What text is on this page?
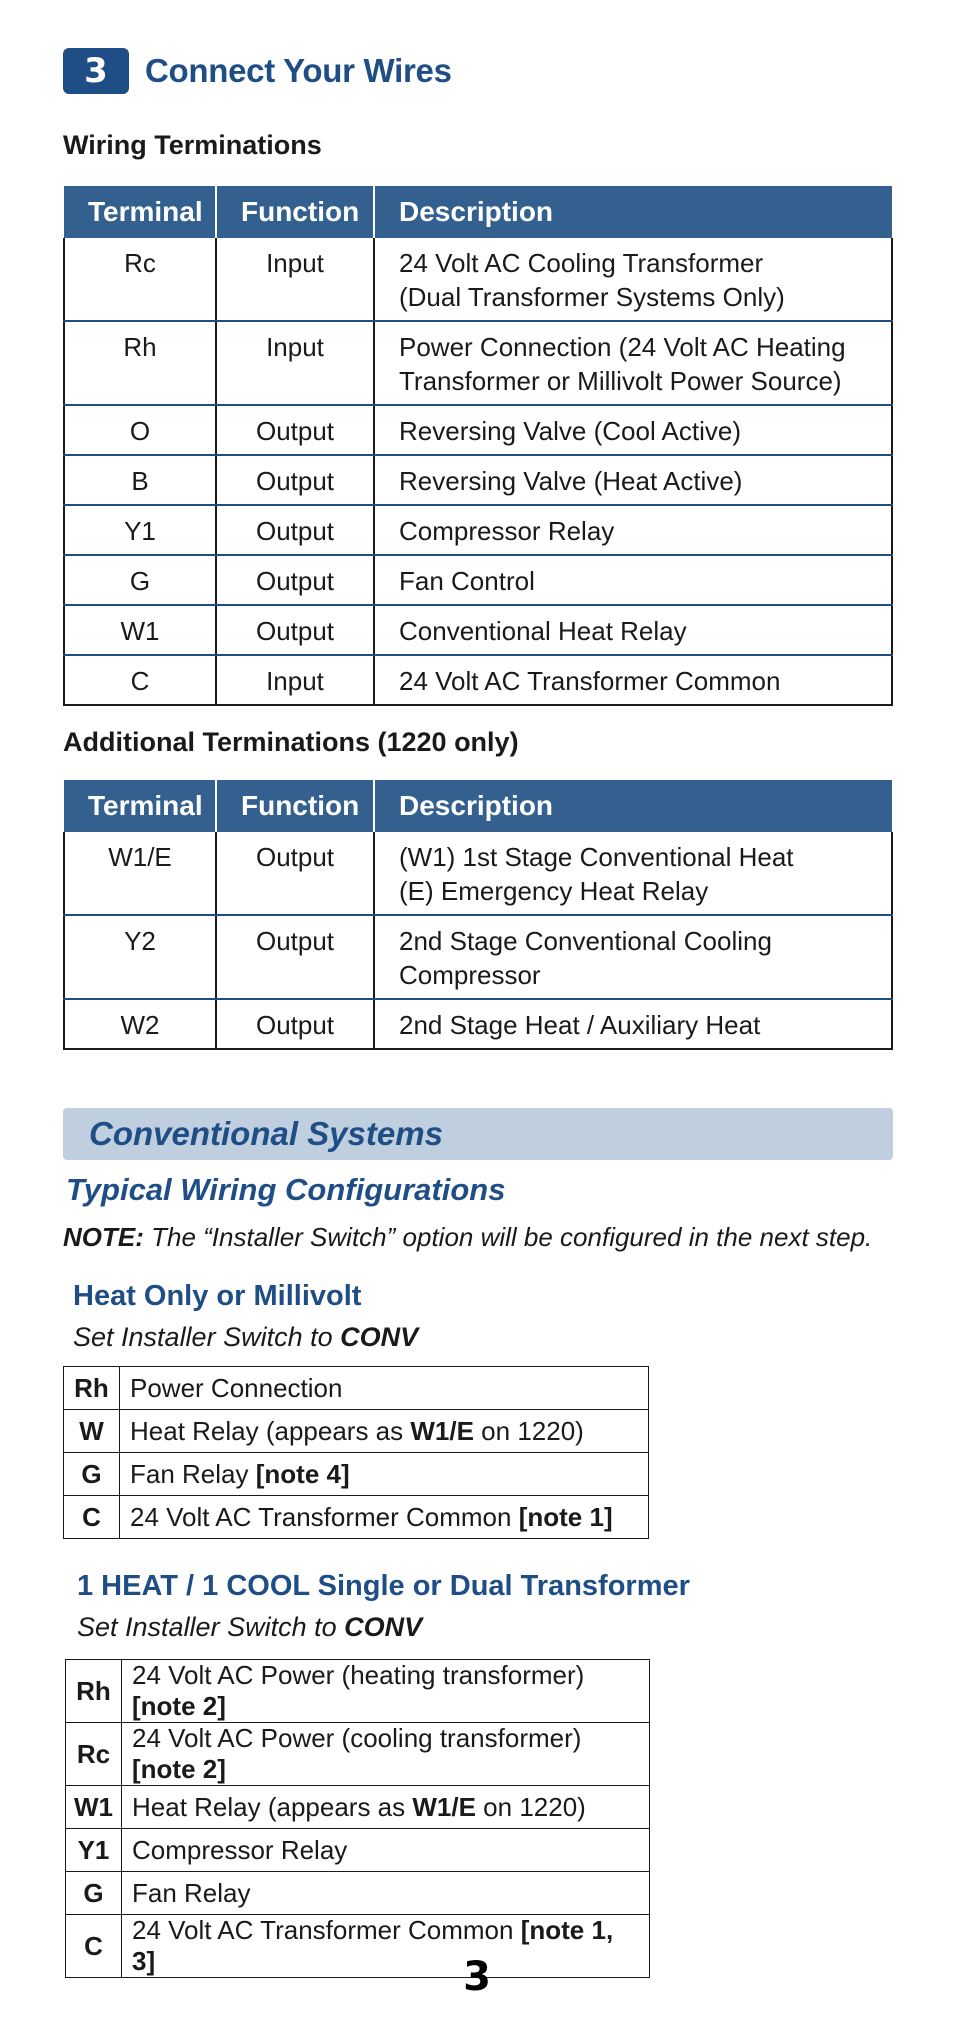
3	Connect Your Wires
Wiring Terminations
Terminal	Function	Description
Rc	Input	24 Volt AC Cooling Transformer
(Dual Transformer Systems Only)

Rh	Input	Power Connection (24 Volt AC Heating
Transformer or Millivolt Power Source)

O	Output	Reversing Valve (Cool Active)
B	Output	Reversing Valve (Heat Active)
Y1	Output	Compressor Relay
G	Output	Fan Control
W1	Output	Conventional Heat Relay
C	Input	24 Volt AC Transformer Common
Additional Terminations (1220 only)
Terminal	Function	Description
W1/E	Output	(W1) 1st Stage Conventional Heat
(E) Emergency Heat Relay

Y2	Output	2nd Stage Conventional Cooling Compressor
W2	Output	2nd Stage Heat / Auxiliary Heat
Conventional Systems
Typical Wiring Configurations
NOTE: The “Installer Switch” option will be configured in the next step.
Heat Only or Millivolt
Set Installer Switch to CONV
Rh	Power Connection
W	Heat Relay (appears as W1/E on 1220)
G	Fan Relay [note 4]
C	24 Volt AC Transformer Common [note 1]
1 HEAT / 1 COOL Single or Dual Transformer
Set Installer Switch to CONV
Rh	24 Volt AC Power (heating transformer) [note 2]
Rc	24 Volt AC Power (cooling transformer) [note 2]
W1	Heat Relay (appears as W1/E on 1220)
Y1	Compressor Relay
G	Fan Relay
C	24 Volt AC Transformer Common [note 1, 3]	3
